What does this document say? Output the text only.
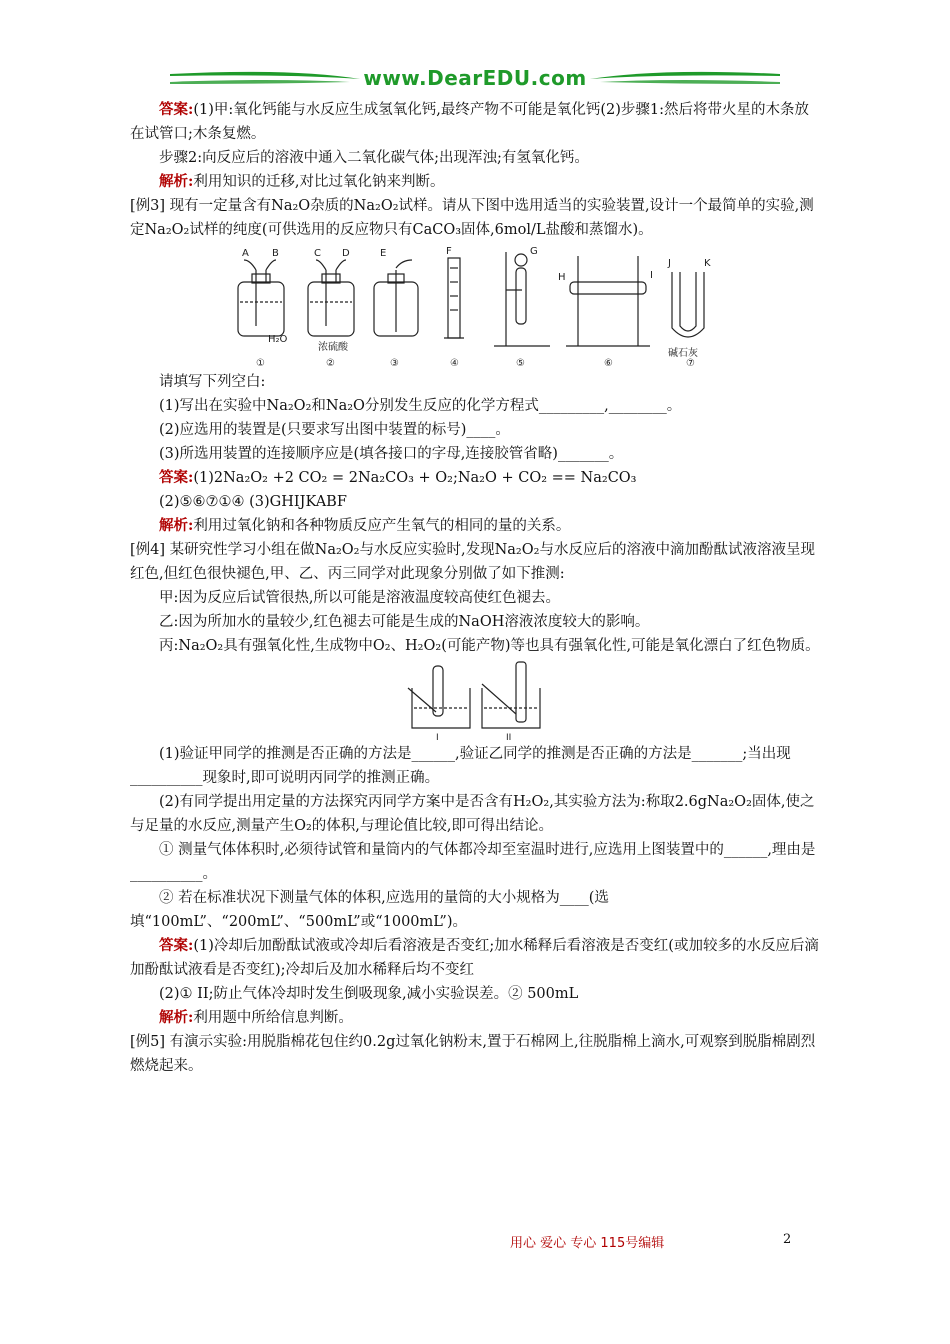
www.DearEDU.com

答案:(1)甲:氧化钙能与水反应生成氢氧化钙,最终产物不可能是氧化钙(2)步骤1:然后将带火星的木条放在试管口;木条复燃。

步骤2:向反应后的溶液中通入二氧化碳气体;出现浑浊;有氢氧化钙。

解析:利用知识的迁移,对比过氧化钠来判断。

[例3] 现有一定量含有Na₂O杂质的Na₂O₂试样。请从下图中选用适当的实验装置,设计一个最简单的实验,测定Na₂O₂试样的纯度(可供选用的反应物只有CaCO₃固体,6mol/L盐酸和蒸馏水)。

A B	C D	E	F	G
H	I
J	K
H₂O
浓硫酸
碱石灰
①	②	③	④	⑤	⑥	⑦

请填写下列空白:

(1)写出在实验中Na₂O₂和Na₂O分别发生反应的化学方程式_________,________。

(2)应选用的装置是(只要求写出图中装置的标号)____。

(3)所选用装置的连接顺序应是(填各接口的字母,连接胶管省略)_______。

答案:(1)2Na₂O₂ +2 CO₂ = 2Na₂CO₃ + O₂;Na₂O + CO₂ == Na₂CO₃

(2)⑤⑥⑦①④ (3)GHIJKABF

解析:利用过氧化钠和各种物质反应产生氧气的相同的量的关系。

[例4] 某研究性学习小组在做Na₂O₂与水反应实验时,发现Na₂O₂与水反应后的溶液中滴加酚酞试液溶液呈现红色,但红色很快褪色,甲、乙、丙三同学对此现象分别做了如下推测:

甲:因为反应后试管很热,所以可能是溶液温度较高使红色褪去。

乙:因为所加水的量较少,红色褪去可能是生成的NaOH溶液浓度较大的影响。

丙:Na₂O₂具有强氧化性,生成物中O₂、H₂O₂(可能产物)等也具有强氧化性,可能是氧化漂白了红色物质。

I	II

(1)验证甲同学的推测是否正确的方法是______,验证乙同学的推测是否正确的方法是_______;当出现__________现象时,即可说明丙同学的推测正确。

(2)有同学提出用定量的方法探究丙同学方案中是否含有H₂O₂,其实验方法为:称取2.6gNa₂O₂固体,使之与足量的水反应,测量产生O₂的体积,与理论值比较,即可得出结论。

① 测量气体体积时,必须待试管和量筒内的气体都冷却至室温时进行,应选用上图装置中的______,理由是__________。

② 若在标准状况下测量气体的体积,应选用的量筒的大小规格为____(选填“100mL”、“200mL”、“500mL”或“1000mL”)。

答案:(1)冷却后加酚酞试液或冷却后看溶液是否变红;加水稀释后看溶液是否变红(或加较多的水反应后滴加酚酞试液看是否变红);冷却后及加水稀释后均不变红

(2)① II;防止气体冷却时发生倒吸现象,减小实验误差。② 500mL

解析:利用题中所给信息判断。

[例5] 有演示实验:用脱脂棉花包住约0.2g过氧化钠粉末,置于石棉网上,往脱脂棉上滴水,可观察到脱脂棉剧烈燃烧起来。

用心 爱心 专心 115号编辑	2
